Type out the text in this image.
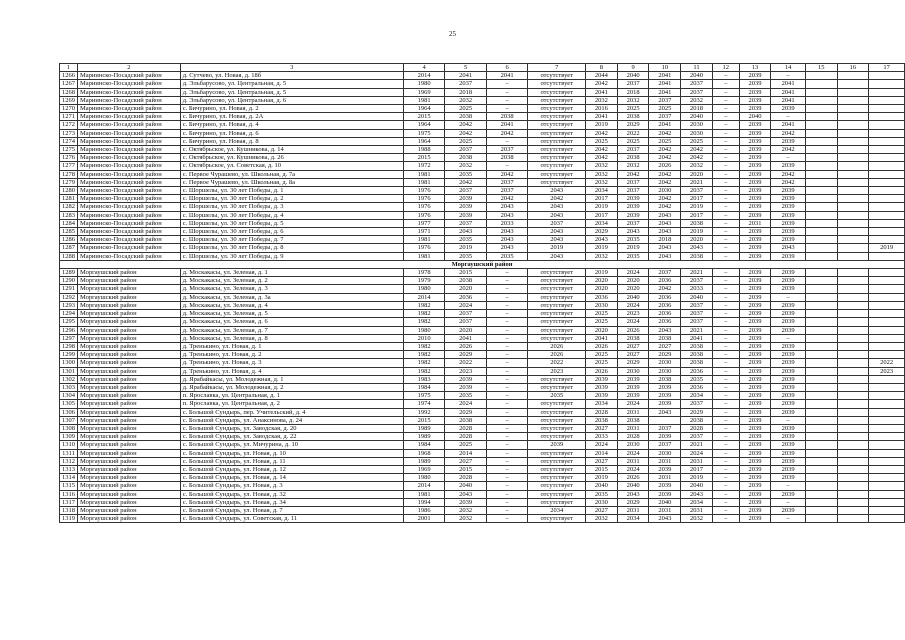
25
1	2	3	4	5	6	7	8	9	10	11	12	13	14	15	16	17
1266	Мариинско-Посадский район	д. Сутчево, ул. Новая, д. 18б	2014	2041	2041	отсутствует	2044	2040	2041	2040	–	2039	–			
1267	Мариинско-Посадский район	д. Эльбарусово, ул. Центральная, д. 5	1980	2037	–	отсутствует	2042	2037	2041	2037	–	2039	2041			
1268	Мариинско-Посадский район	д. Эльбарусово, ул. Центральная, д. 5	1969	2018	–	отсутствует	2041	2018	2041	2037	–	2039	2041			
1269	Мариинско-Посадский район	д. Эльбарусово, ул. Центральная, д. 6	1981	2032	–	отсутствует	2032	2032	2037	2032	–	2039	2041			
1270	Мариинско-Посадский район	с. Бичурино, ул. Новая, д. 2	1964	2025	–	отсутствует	2016	2025	2025	2018	–	2039	2039			
1271	Мариинско-Посадский район	с. Бичурино, ул. Новая, д. 2А	2015	2038	2038	отсутствует	2041	2038	2037	2040	–	2040	–			
1272	Мариинско-Посадский район	с. Бичурино, ул. Новая, д. 4	1964	2042	2041	отсутствует	2019	2029	2041	2030	–	2039	2041			
1273	Мариинско-Посадский район	с. Бичурино, ул. Новая, д. 6	1975	2042	2042	отсутствует	2042	2022	2042	2030	–	2039	2042			
1274	Мариинско-Посадский район	с. Бичурино, ул. Новая, д. 8	1964	2025	–	отсутствует	2025	2025	2025	2025	–	2039	2039			
1275	Мариинско-Посадский район	с. Октябрьское, ул. Кушникова, д. 14	1988	2037	2037	отсутствует	2042	2037	2042	2042	–	2039	2042			
1276	Мариинско-Посадский район	с. Октябрьское, ул. Кушникова, д. 26	2015	2038	2038	отсутствует	2042	2038	2042	2042	–	2039	–			
1277	Мариинско-Посадский район	с. Октябрьское, ул. Советская, д. 10	1972	2032	–	отсутствует	2032	2032	2026	2032	–	2039	2039			
1278	Мариинско-Посадский район	с. Первое Чурашево, ул. Школьная, д. 7а	1981	2035	2042	отсутствует	2032	2042	2042	2020	–	2039	2042			
1279	Мариинско-Посадский район	с. Первое Чурашево, ул. Школьная, д. 8а	1981	2042	2037	отсутствует	2032	2037	2042	2021	–	2039	2042			
1280	Мариинско-Посадский район	с. Шоршелы, ул. 30 лет Победы, д. 1	1976	2037	2037	2043	2034	2037	2030	2037	–	2039	2039			
1281	Мариинско-Посадский район	с. Шоршелы, ул. 30 лет Победы, д. 2	1976	2039	2042	2042	2017	2039	2042	2017	–	2039	2039			
1282	Мариинско-Посадский район	с. Шоршелы, ул. 30 лет Победы, д. 3	1976	2039	2043	2043	2019	2039	2042	2019	–	2039	2039			
1283	Мариинско-Посадский район	с. Шоршелы, ул. 30 лет Победы, д. 4	1976	2039	2043	2043	2017	2039	2043	2017	–	2039	2039			
1284	Мариинско-Посадский район	с. Шоршелы, ул. 30 лет Победы, д. 5	1977	2037	2033	2037	2034	2037	2043	2038	–	2031	2039			
1285	Мариинско-Посадский район	с. Шоршелы, ул. 30 лет Победы, д. 6	1971	2043	2043	2043	2029	2043	2043	2019	–	2039	2039			
1286	Мариинско-Посадский район	с. Шоршелы, ул. 30 лет Победы, д. 7	1981	2035	2043	2043	2043	2035	2018	2020	–	2039	2039			
1287	Мариинско-Посадский район	с. Шоршелы, ул. 30 лет Победы, д. 8	1976	2019	2043	2019	2019	2019	2043	2043	–	2039	2043			2019
1288	Мариинско-Посадский район	с. Шоршелы, ул. 30 лет Победы, д. 9	1981	2035	2035	2043	2032	2035	2043	2038	–	2039	2039			
Моргаушский район																
1289	Моргаушский район	д. Москакасы, ул. Зеленая, д. 1	1978	2015	–	отсутствует	2019	2024	2037	2021	–	2039	2039			
1290	Моргаушский район	д. Москакасы, ул. Зеленая, д. 2	1979	2038	–	отсутствует	2020	2020	2036	2037	–	2039	2039			
1291	Моргаушский район	д. Москакасы, ул. Зеленая, д. 3	1980	2020	–	отсутствует	2020	2020	2042	2033	–	2039	2039			
1292	Моргаушский район	д. Москакасы, ул. Зеленая, д. 3а	2014	2036	–	отсутствует	2036	2040	2036	2040	–	2039	–			
1293	Моргаушский район	д. Москакасы, ул. Зеленая, д. 4	1982	2024	–	отсутствует	2030	2024	2036	2037	–	2039	2039			
1294	Моргаушский район	д. Москакасы, ул. Зеленая, д. 5	1982	2037	–	отсутствует	2025	2023	2036	2037	–	2039	2039			
1295	Моргаушский район	д. Москакасы, ул. Зеленая, д. 6	1982	2037	–	отсутствует	2025	2024	2036	2037	–	2039	2039			
1296	Моргаушский район	д. Москакасы, ул. Зеленая, д. 7	1980	2020	–	отсутствует	2020	2026	2043	2021	–	2039	2039			
1297	Моргаушский район	д. Москакасы, ул. Зеленая, д. 8	2010	2041	–	отсутствует	2041	2038	2038	2041	–	2039	–			
1298	Моргаушский район	д. Тренькино, ул. Новая, д. 1	1982	2026	–	2026	2026	2027	2027	2038	–	2039	2039			
1299	Моргаушский район	д. Тренькино, ул. Новая, д. 2	1982	2029	–	2026	2025	2027	2029	2038	–	2039	2039			
1300	Моргаушский район	д. Тренькино, ул. Новая, д. 3	1982	2022	–	2022	2025	2029	2030	2038	–	2039	2039			2022
1301	Моргаушский район	д. Тренькино, ул. Новая, д. 4	1982	2023	–	2023	2026	2030	2030	2036	–	2039	2039			2023
1302	Моргаушский район	д. Ярабайкасы, ул. Молодежная, д. 1	1983	2039	–	отсутствует	2039	2039	2038	2035	–	2039	2039			
1303	Моргаушский район	д. Ярабайкасы, ул. Молодежная, д. 2	1984	2039	–	отсутствует	2039	2039	2039	2036	–	2039	2039			
1304	Моргаушский район	п. Ярославка, ул. Центральная, д. 1	1975	2035	–	2035	2039	2039	2039	2034	–	2039	2039			
1305	Моргаушский район	п. Ярославка, ул. Центральная, д. 2	1974	2024	–	отсутствует	2034	2024	2039	2037	–	2039	2039			
1306	Моргаушский район	с. Большой Сундырь, пер. Учительский, д. 4	1992	2029	–	отсутствует	2028	2031	2043	2029	–	2039	2039			
1307	Моргаушский район	с. Большой Сундырь, ул. Анаксинова, д. 24	2015	2038	–	отсутствует	2038	2038		2038	–	2039	–			
1308	Моргаушский район	с. Большой Сундырь, ул. Заводская, д. 20	1989	2028	–	отсутствует	2027	2031	2037	2028	–	2039	2039			
1309	Моргаушский район	с. Большой Сундырь, ул. Заводская, д. 22	1989	2028	–	отсутствует	2033	2028	2039	2037	–	2039	2039			
1310	Моргаушский район	с. Большой Сундырь, ул. Мичурина, д. 10	1984	2025	–	2039	2024	2030	2037	2021	–	2039	2039			
1311	Моргаушский район	с. Большой Сундырь, ул. Новая, д. 10	1968	2014	–	отсутствует	2014	2024	2030	2024	–	2039	2039			
1312	Моргаушский район	с. Большой Сундырь, ул. Новая, д. 11	1989	2027	–	отсутствует	2027	2031	2031	2031	–	2039	2039			
1313	Моргаушский район	с. Большой Сундырь, ул. Новая, д. 12	1969	2015	–	отсутствует	2015	2024	2039	2017	–	2039	2039			
1314	Моргаушский район	с. Большой Сундырь, ул. Новая, д. 14	1980	2028	–	отсутствует	2019	2026	2031	2019	–	2039	2039			
1315	Моргаушский район	с. Большой Сундырь, ул. Новая, д. 3	2014	2040	–	отсутствует	2040	2040	2039	2040	–	2039	–			
1316	Моргаушский район	с. Большой Сундырь, ул. Новая, д. 32	1981	2043	–	отсутствует	2035	2043	2039	2043	–	2039	2039			
1317	Моргаушский район	с. Большой Сундырь, ул. Новая, д. 34	1994	2039	–	отсутствует	2030	2029	2040	2034	–	2039	–			
1318	Моргаушский район	с. Большой Сундырь, ул. Новая, д. 7	1986	2032	–	2034	2027	2031	2031	2031	–	2039	2039			
1319	Моргаушский район	с. Большой Сундырь, ул. Советская, д. 11	2001	2032	–	отсутствует	2032	2034	2043	2032	–	2039	–			
